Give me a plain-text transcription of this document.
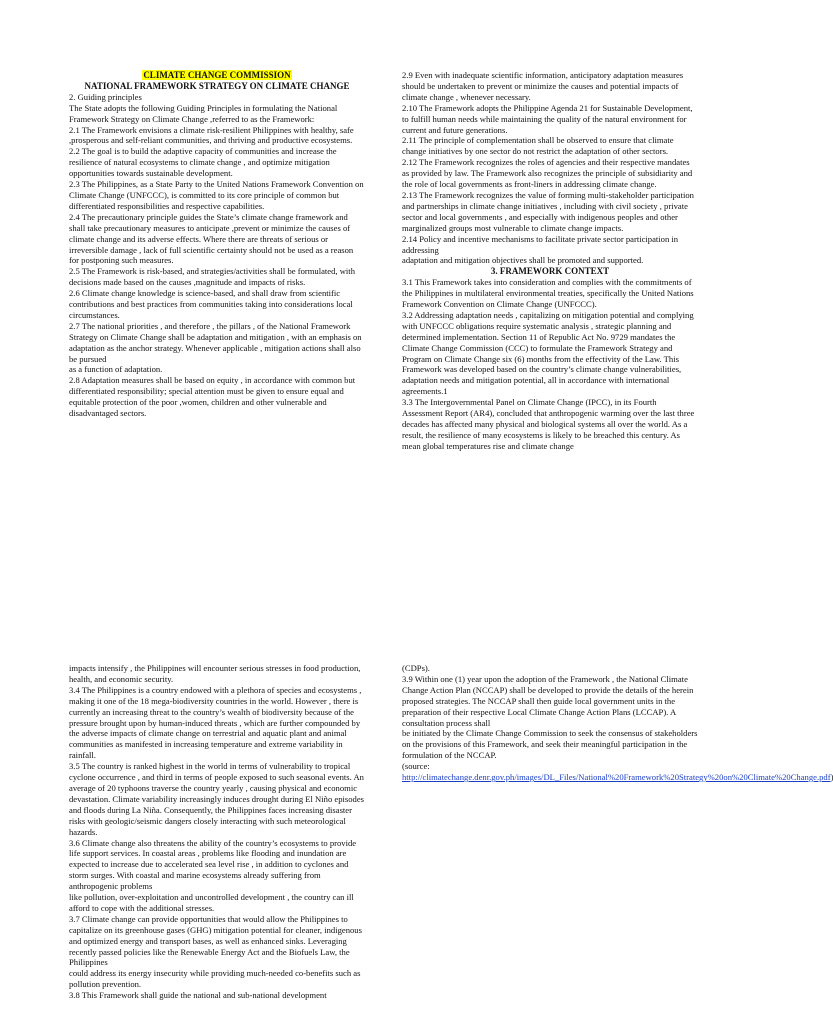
CLIMATE CHANGE COMMISSION

NATIONAL FRAMEWORK STRATEGY ON CLIMATE CHANGE

2. Guiding principles

The State adopts the following Guiding Principles in formulating the National Framework Strategy on Climate Change ,referred to as the Framework:

2.1 The Framework envisions a climate risk-resilient Philippines with healthy, safe ,prosperous and self-reliant communities, and thriving and productive ecosystems.

2.2 The goal is to build the adaptive capacity of communities and increase the resilience of natural ecosystems to climate change , and optimize mitigation opportunities towards sustainable development.

2.3 The Philippines, as a State Party to the United Nations Framework Convention on Climate Change (UNFCCC), is committed to its core principle of common but differentiated responsibilities and respective capabilities.

2.4 The precautionary principle guides the State’s climate change framework and shall take precautionary measures to anticipate ,prevent or minimize the causes of climate change and its adverse effects. Where there are threats of serious or irreversible damage , lack of full scientific certainty should not be used as a reason for postponing such measures.

2.5 The Framework is risk-based, and strategies/activities shall be formulated, with decisions made based on the causes ,magnitude and impacts of risks.

2.6 Climate change knowledge is science-based, and shall draw from scientific contributions and best practices from communities taking into considerations local circumstances.

2.7 The national priorities , and therefore , the pillars , of the National Framework Strategy on Climate Change shall be adaptation and mitigation , with an emphasis on adaptation as the anchor strategy. Whenever applicable , mitigation actions shall also be pursued

as a function of adaptation.

2.8 Adaptation measures shall be based on equity , in accordance with common but differentiated responsibility; special attention must be given to ensure equal and equitable protection of the poor ,women, children and other vulnerable and disadvantaged sectors.

2.9 Even with inadequate scientific information, anticipatory adaptation measures should be undertaken to prevent or minimize the causes and potential impacts of climate change , whenever necessary.

2.10 The Framework adopts the Philippine Agenda 21 for Sustainable Development, to fulfill human needs while maintaining the quality of the natural environment for current and future generations.

2.11 The principle of complementation shall be observed to ensure that climate change initiatives by one sector do not restrict the adaptation of other sectors.

2.12 The Framework recognizes the roles of agencies and their respective mandates as provided by law. The Framework also recognizes the principle of subsidiarity and the role of local governments as front-liners in addressing climate change.

2.13 The Framework recognizes the value of forming multi-stakeholder participation and partnerships in climate change initiatives , including with civil society , private sector and local governments , and especially with indigenous peoples and other marginalized groups most vulnerable to climate change impacts.

2.14 Policy and incentive mechanisms to facilitate private sector participation in addressing

adaptation and mitigation objectives shall be promoted and supported.

3. FRAMEWORK CONTEXT

3.1 This Framework takes into consideration and complies with the commitments of the Philippines in multilateral environmental treaties, specifically the United Nations Framework Convention on Climate Change (UNFCCC).

3.2 Addressing adaptation needs , capitalizing on mitigation potential and complying with UNFCCC obligations require systematic analysis , strategic planning and determined implementation. Section 11 of Republic Act No. 9729 mandates the Climate Change Commission (CCC) to formulate the Framework Strategy and Program on Climate Change six (6) months from the effectivity of the Law. This Framework was developed based on the country’s climate change vulnerabilities, adaptation needs and mitigation potential, all in accordance with international agreements.1

3.3 The Intergovernmental Panel on Climate Change (IPCC), in its Fourth Assessment Report (AR4), concluded that anthropogenic warming over the last three decades has affected many physical and biological systems all over the world. As a result, the resilience of many ecosystems is likely to be breached this century. As mean global temperatures rise and climate change

impacts intensify , the Philippines will encounter serious stresses in food production, health, and economic security.

3.4 The Philippines is a country endowed with a plethora of species and ecosystems , making it one of the 18 mega-biodiversity countries in the world. However , there is currently an increasing threat to the country’s wealth of biodiversity because of the pressure brought upon by human-induced threats , which are further compounded by the adverse impacts of climate change on terrestrial and aquatic plant and animal communities as manifested in increasing temperature and extreme variability in rainfall.

3.5 The country is ranked highest in the world in terms of vulnerability to tropical cyclone occurrence , and third in terms of people exposed to such seasonal events. An

average of 20 typhoons traverse the country yearly , causing physical and economic devastation. Climate variability increasingly induces drought during El Niño episodes and floods during La Niña. Consequently, the Philippines faces increasing disaster risks with geologic/seismic dangers closely interacting with such meteorological hazards.

3.6 Climate change also threatens the ability of the country’s ecosystems to provide life support services. In coastal areas , problems like flooding and inundation are expected to increase due to accelerated sea level rise , in addition to cyclones and storm surges. With coastal and marine ecosystems already suffering from anthropogenic problems

like pollution, over-exploitation and uncontrolled development , the country can ill afford to cope with the additional stresses.

3.7 Climate change can provide opportunities that would allow the Philippines to capitalize on its greenhouse gases (GHG) mitigation potential for cleaner, indigenous and optimized energy and transport bases, as well as enhanced sinks. Leveraging recently passed policies like the Renewable Energy Act and the Biofuels Law, the Philippines

could address its energy insecurity while providing much-needed co-benefits such as pollution prevention.

3.8 This Framework shall guide the national and sub-national development

(CDPs).

3.9 Within one (1) year upon the adoption of the Framework , the National Climate Change Action Plan (NCCAP) shall be developed to provide the details of the herein proposed strategies. The NCCAP shall then guide local government units in the preparation of their respective Local Climate Change Action Plans (LCCAP). A consultation process shall

be initiated by the Climate Change Commission to seek the consensus of stakeholders on the provisions of this Framework, and seek their meaningful participation in the formulation of the NCCAP.

(source: http://climatechange.denr.gov.ph/images/DL_Files/National%20Framework%20Strategy%20on%20Climate%20Change.pdf
